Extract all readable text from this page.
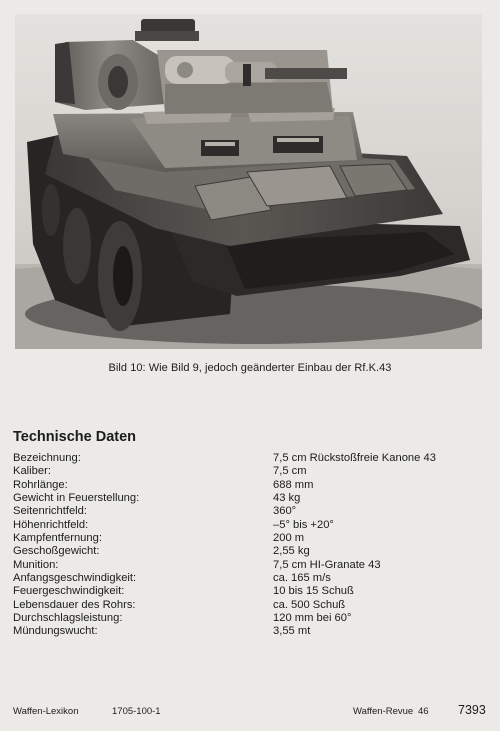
Bild 10: Wie Bild 9, jedoch geänderter Einbau der Rf.K.43
Technische Daten
Bezeichnung:	7,5 cm Rückstoßfreie Kanone 43
Kaliber:	7,5 cm
Rohrlänge:	688 mm
Gewicht in Feuerstellung:	43 kg
Seitenrichtfeld:	360°
Höhenrichtfeld:	–5° bis +20°
Kampfentfernung:	200 m
Geschoßgewicht:	2,55 kg
Munition:	7,5 cm HI-Granate 43
Anfangsgeschwindigkeit:	ca. 165 m/s
Feuergeschwindigkeit:	10 bis 15 Schuß
Lebensdauer des Rohrs:	ca. 500 Schuß
Durchschlagsleistung:	120 mm bei 60°
Mündungswucht:	3,55 mt
Waffen-Lexikon	1705-100-1	Waffen-Revue 46 7393
